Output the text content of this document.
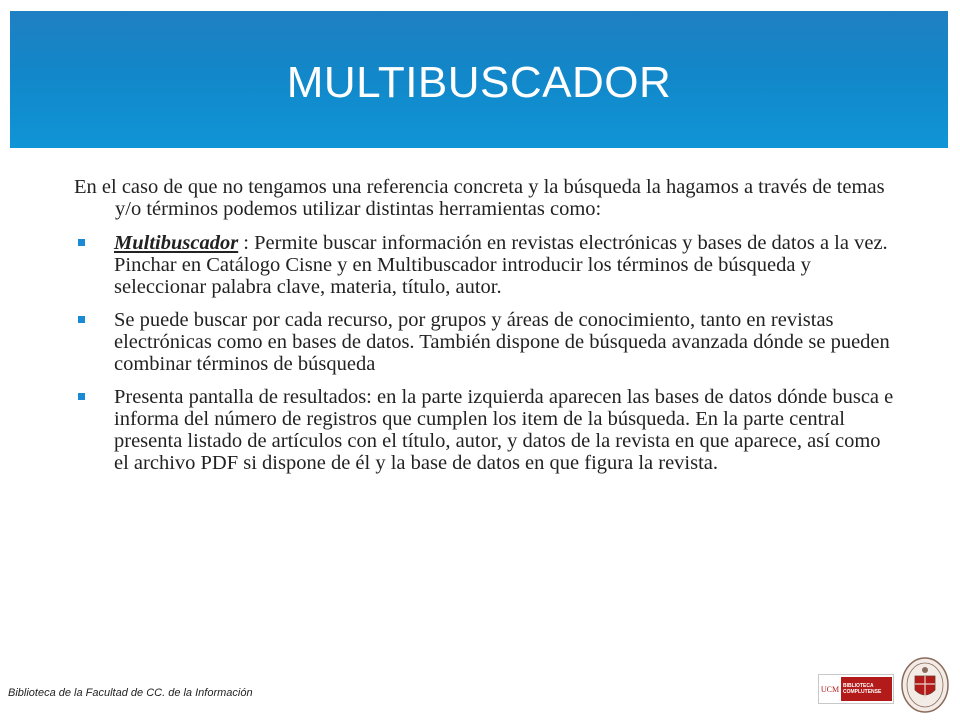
MULTIBUSCADOR

En el caso de que no tengamos una referencia concreta y la búsqueda la hagamos a través de temas y/o términos podemos utilizar distintas herramientas como:

Multibuscador : Permite buscar información en revistas electrónicas y bases de datos a la vez. Pinchar en Catálogo Cisne y en Multibuscador introducir los términos de búsqueda y seleccionar palabra clave, materia, título, autor.
Se puede buscar por cada recurso, por grupos y áreas de conocimiento, tanto en revistas electrónicas como en bases de datos. También dispone de búsqueda avanzada dónde se pueden combinar términos de búsqueda
Presenta pantalla de resultados: en la parte izquierda aparecen las bases de datos dónde busca e informa del número de registros que cumplen los item de la búsqueda. En la parte central presenta listado de artículos con el título, autor, y datos de la revista en que aparece, así como el archivo PDF si dispone de él y la base de datos en que figura la revista.
Biblioteca de la Facultad de CC. de la Información	UCM BIBLIOTECA
COMPLUTENSE
